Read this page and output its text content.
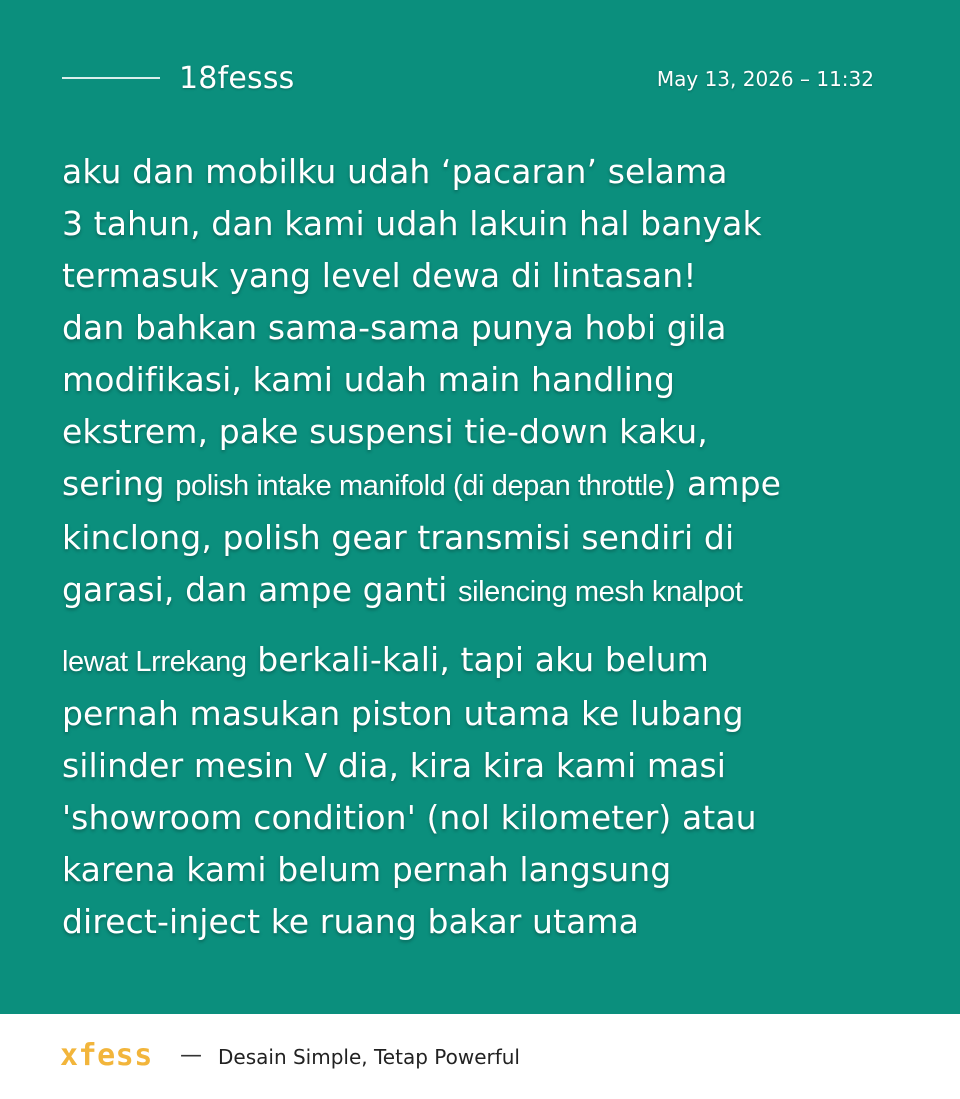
18fesss	May 13, 2026 – 11:32
aku dan mobilku udah ‘pacaran’ selama
3 tahun, dan kami udah lakuin hal banyak
termasuk yang level dewa di lintasan!
dan bahkan sama-sama punya hobi gila
modifikasi, kami udah main handling
ekstrem, pake suspensi tie-down kaku,
sering polish intake manifold (di depan throttle) ampe
kinclong, polish gear transmisi sendiri di
garasi, dan ampe ganti silencing mesh knalpot
lewat Lrrekang berkali-kali, tapi aku belum
pernah masukan piston utama ke lubang
silinder mesin V dia, kira kira kami masi
'showroom condition' (nol kilometer) atau
karena kami belum pernah langsung
direct-inject ke ruang bakar utama
xfess — Desain Simple, Tetap Powerful
